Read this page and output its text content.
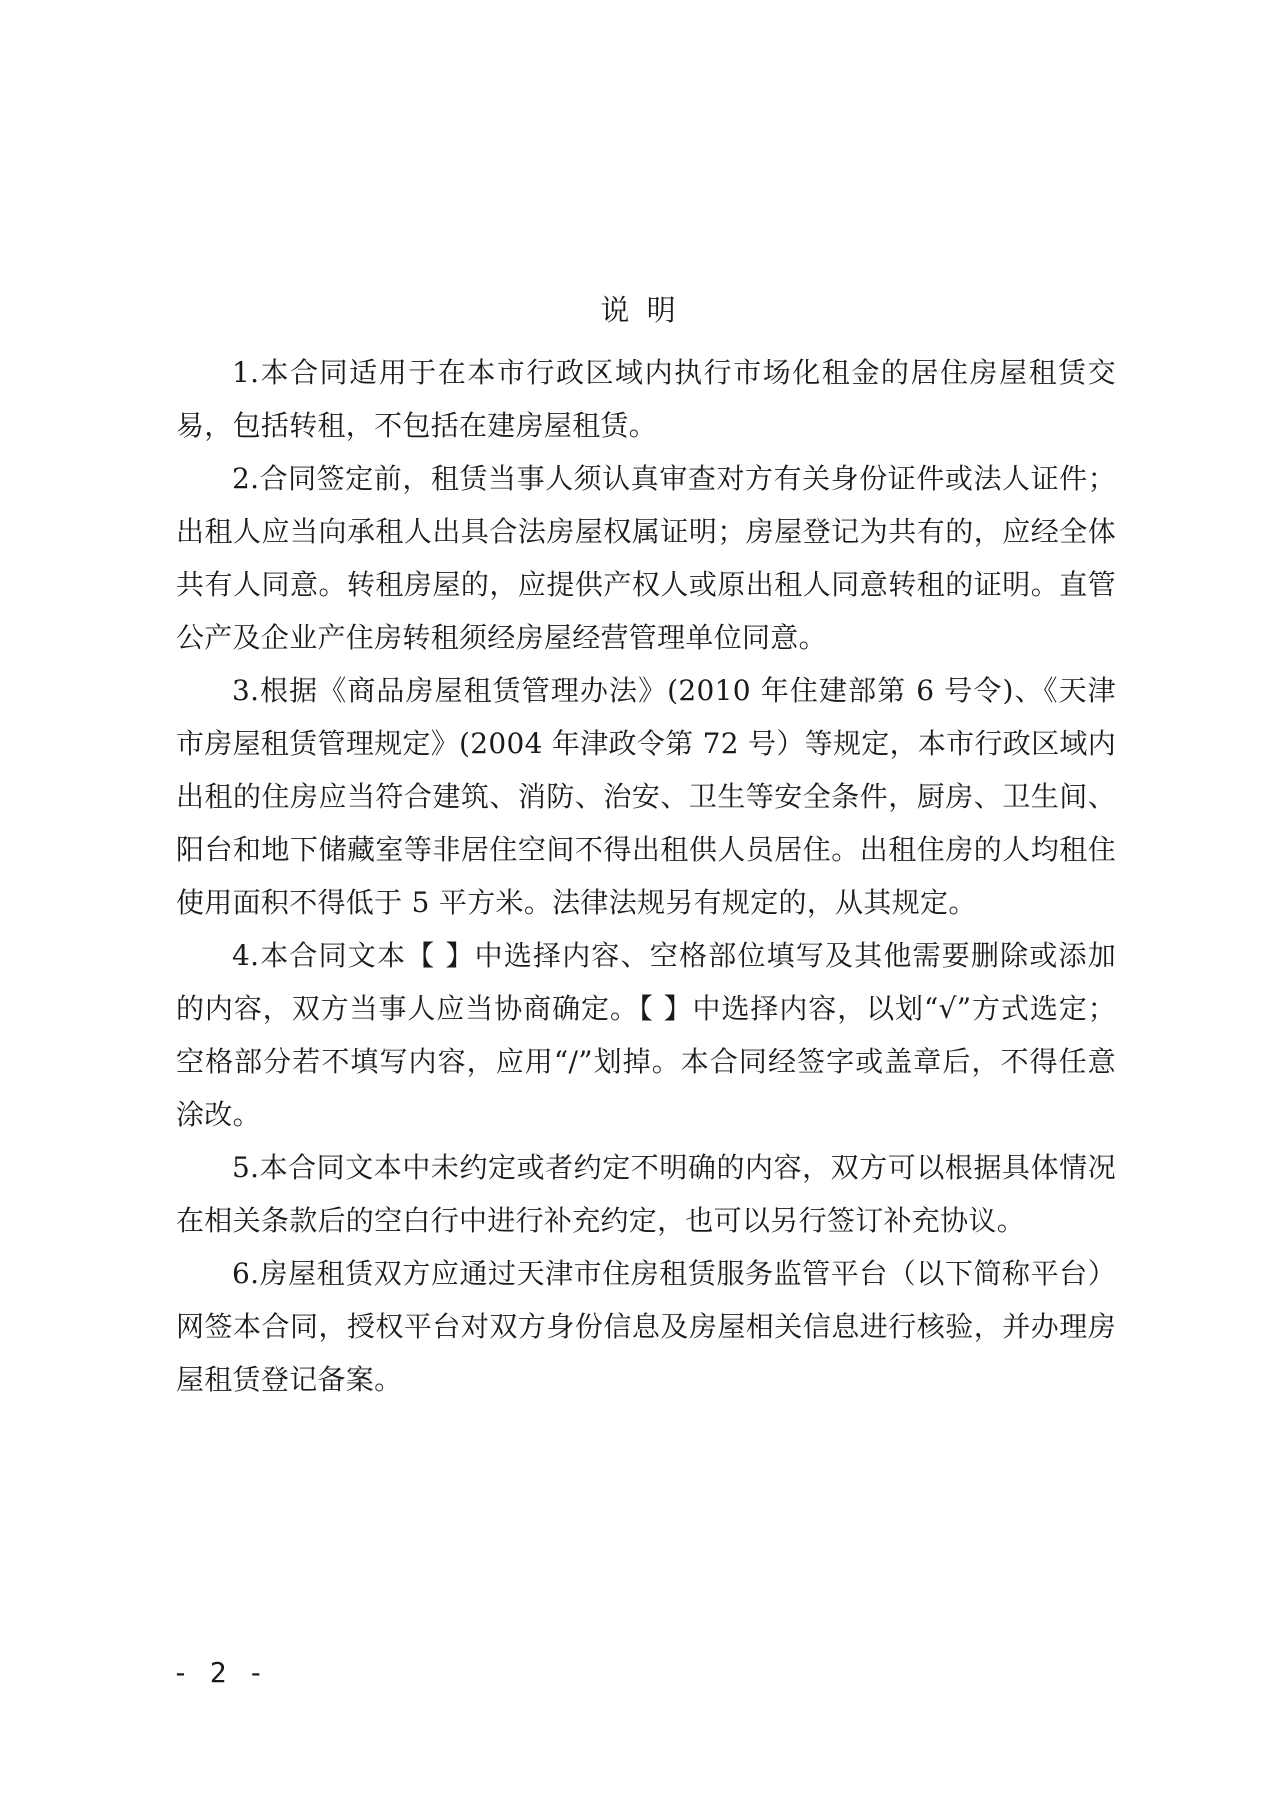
说 明

1.本合同适用于在本市行政区域内执行市场化租金的居住房屋租赁交易，包括转租，不包括在建房屋租赁。

2.合同签定前，租赁当事人须认真审查对方有关身份证件或法人证件；出租人应当向承租人出具合法房屋权属证明；房屋登记为共有的，应经全体共有人同意。转租房屋的，应提供产权人或原出租人同意转租的证明。直管公产及企业产住房转租须经房屋经营管理单位同意。

3.根据《商品房屋租赁管理办法》(2010 年住建部第 6 号令)、《天津市房屋租赁管理规定》(2004 年津政令第 72 号）等规定，本市行政区域内出租的住房应当符合建筑、消防、治安、卫生等安全条件，厨房、卫生间、阳台和地下储藏室等非居住空间不得出租供人员居住。出租住房的人均租住使用面积不得低于 5 平方米。法律法规另有规定的，从其规定。

4.本合同文本【 】中选择内容、空格部位填写及其他需要删除或添加的内容，双方当事人应当协商确定。【 】中选择内容，以划“√”方式选定；空格部分若不填写内容，应用“/”划掉。本合同经签字或盖章后，不得任意涂改。

5.本合同文本中未约定或者约定不明确的内容，双方可以根据具体情况在相关条款后的空白行中进行补充约定，也可以另行签订补充协议。

6.房屋租赁双方应通过天津市住房租赁服务监管平台（以下简称平台）网签本合同，授权平台对双方身份信息及房屋相关信息进行核验，并办理房屋租赁登记备案。

- 2 -
